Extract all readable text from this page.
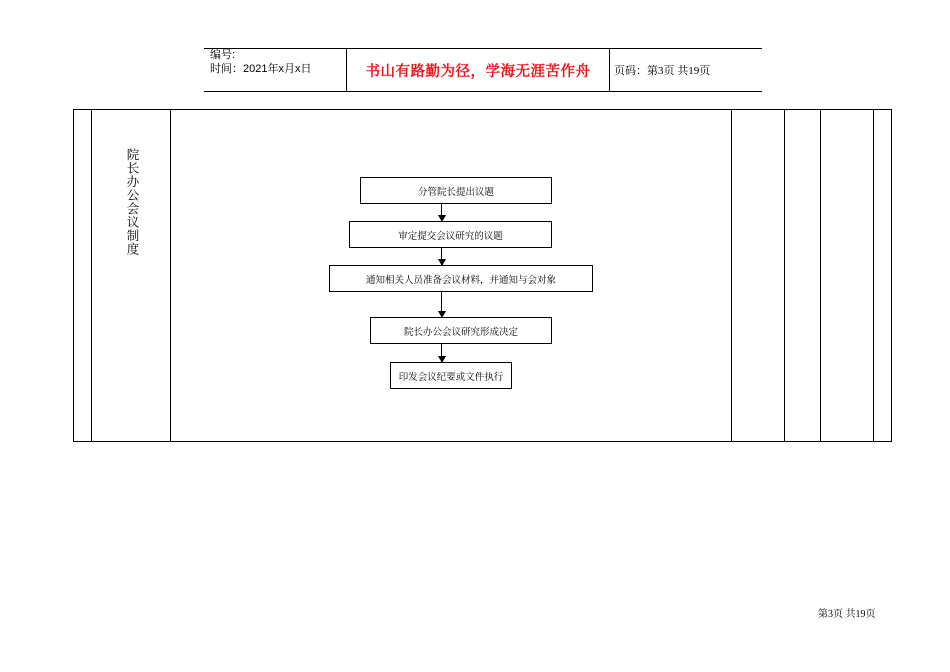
编号:
时间：2021年x月x日	书山有路勤为径，学海无涯苦作舟	页码：第3页 共19页
院长办公会议制度	分管院长提出议题
审定提交会议研究的议题
通知相关人员准备会议材料，并通知与会对象
院长办公会议研究形成决定
印发会议纪要或文件执行
第3页 共19页
